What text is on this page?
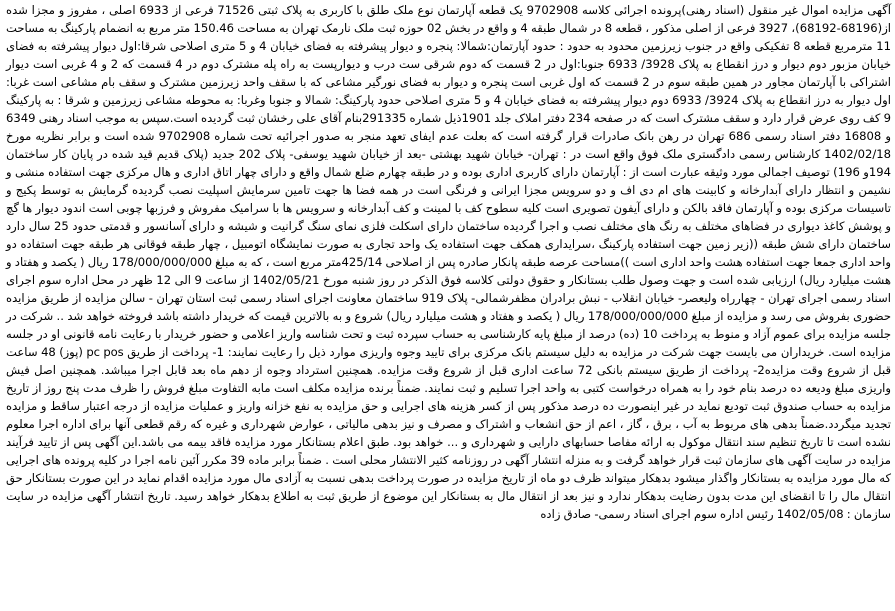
آگهی مزایده اموال غیر منقول (اسناد رهنی)پرونده اجرائی کلاسه 9702908 یک قطعه آپارتمان نوع ملک طلق با کاربری به پلاک ثبتی 71526 فرعی از 6933 اصلی ، مفروز و مجزا شده از(68196-68192)، 3927 فرعی از اصلی مذکور ، قطعه 8 در شمال طبقه 4 و واقع در بخش 02 حوزه ثبت ملک نارمک تهران به مساحت 150.46 متر مربع به انضمام پارکینگ به مساحت 11 مترمربع قطعه 8 تفکیکی واقع در جنوب زیرزمین محدود به حدود : حدود آپارتمان:شمالا: پنجره و دیوار پیشرفته به فضای خیابان 4 و 5 متری اصلاحی شرقا:اول دیوار پیشرفته به فضای خیابان مزبور دوم دیوار و درز انقطاع به پلاک 3928/ 6933 جنوبا:اول در 2 قسمت که دوم شرقی ست درب و دیوارپست به راه پله مشترک دوم در 4 قسمت که 2 و 4 غربی است دیوار اشتراکی با آپارتمان مجاور در همین طبقه سوم در 2 قسمت که اول غربی است پنجره و دیوار به فضای نورگیر مشاعی که با سقف واحد زیرزمین مشترک و سقف بام مشاعی است غربا: اول دیوار به درز انقطاع به پلاک 3924/ 6933 دوم دیوار پیشرفته به فضای خیابان 4 و 5 متری اصلاحی حدود پارکینگ: شمالا و جنوبا وغربا: به محوطه مشاعی زیرزمین و شرقا : به پارکینگ 9 کف روی عرض قرار دارد و سقف مشترک است که در صفحه 234 دفتر املاک جلد 1901ذیل شماره 291335بنام آقای علی رخشان ثبت گردیده است.سپس به موجب اسناد رهنی 6349 و 16808 دفتر اسناد رسمی 686 تهران در رهن بانک صادرات قرار گرفته است که بعلت عدم ایفای تعهد منجر به صدور اجرائیه تحت شماره 9702908 شده است و برابر نظریه مورخ 1402/02/18 کارشناس رسمی دادگستری ملک فوق واقع است در : تهران- خیابان شهید بهشتی -بعد از خیابان شهید یوسفی- پلاک 202 جدید (پلاک قدیم قید شده در پایان کار ساختمان 194و 196) توصیف اجمالی مورد وثیقه عبارت است از : آپارتمان دارای کاربری اداری بوده و در طبقه چهارم ضلع شمال واقع و دارای چهار اتاق اداری و هال مرکزی جهت استفاده منشی و نشیمن و انتظار دارای آبدارخانه و کابینت های ام دی اف و دو سرویس مجزا ایرانی و فرنگی است در همه فضا ها جهت تامین سرمایش اسپلیت نصب گردیده گرمایش به توسط پکیج و تاسیسات مرکزی بوده و آپارتمان فاقد بالکن و دارای آیفون تصویری است کلیه سطوح کف با لمینت و کف آبدارخانه و سرویس ها با سرامیک مفروش و فرزبها چوبی است اندود دیوار ها گچ و پوشش کاغذ دیواری در فضاهای مختلف به رنگ های مختلف نصب و اجرا گردیده ساختمان دارای اسکلت فلزی نمای سنگ گرانیت و شیشه و دارای آسانسور و قدمتی حدود 25 سال دارد ساختمان دارای شش طبقه ((زیر زمین جهت استفاده پارکینگ ،سرایداری همکف جهت استفاده یک واحد تجاری به صورت نمایشگاه اتومبیل ، چهار طبقه فوقانی هر طبقه جهت استفاده دو واحد اداری جمعا جهت استفاده هشت واحد اداری است ))مساحت عرصه طبقه پانکار صادره پس از اصلاحی 425/14متر مربع است ، که به مبلغ 178/000/000/000 ریال ( یکصد و هفتاد و هشت میلیارد ریال) ارزیابی شده است و جهت وصول طلب بستانکار و حقوق دولتی کلاسه فوق الذکر در روز شنبه مورخ 1402/05/21 از ساعت 9 الی 12 ظهر در محل اداره سوم اجرای اسناد رسمی اجرای تهران - چهارراه ولیعصر- خیابان انقلاب - نبش برادران مظفرشمالی- پلاک 919 ساختمان معاونت اجرای اسناد رسمی ثبت استان تهران - سالن مزایده از طریق مزایده حضوری بفروش می رسد و مزایده از مبلغ 178/000/000/000 ریال ( یکصد و هفتاد و هشت میلیارد ریال) شروع و به بالاترین قیمت که خریدار داشته باشد فروخته خواهد شد .. شرکت در جلسه مزایده برای عموم آزاد و منوط به پرداخت 10 (ده) درصد از مبلغ پایه کارشناسی به حساب سپرده ثبت و تحت شناسه واریز اعلامی و حضور خریدار با رعایت نامه قانونی او در جلسه مزایده است. خریداران می بایست جهت شرکت در مزایده به دلیل سیستم بانک مرکزی برای تایید وجوه واریزی موارد ذیل را رعایت نمایند: 1- پرداخت از طریق pc pos (پوز) 48 ساعت قبل از شروع وقت مزایده2- پرداخت از طریق سیستم بانکی 72 ساعت اداری قبل از شروع وقت مزایده. همچنین استرداد وجوه از دهم ماه بعد قابل اجرا میباشد. همچنین اصل فیش واریزی مبلغ ودیعه ده درصد بنام خود را به همراه درخواست کتبی به واحد اجرا تسلیم و ثبت نمایند. ضمناً برنده مزایده مکلف است مابه التفاوت مبلغ فروش را ظرف مدت پنج روز از تاریخ مزایده به حساب صندوق ثبت تودیع نماید در غیر اینصورت ده درصد مذکور پس از کسر هزینه های اجرایی و حق مزایده به نفع خزانه واریز و عملیات مزایده از درجه اعتبار ساقط و مزایده تجدید میگردد.ضمناً بدهی های مربوط به آب ، برق ، گاز ، اعم از حق انشعاب و اشتراک و مصرف و نیز بدهی مالیاتی ، عوارض شهرداری و غیره که رقم قطعی آنها برای اداره اجرا معلوم نشده است تا تاریخ تنظیم سند انتقال موکول به ارائه مفاصا حسابهای دارایی و شهرداری و ... خواهد بود. طبق اعلام بستانکار مورد مزایده فاقد بیمه می باشد.این آگهی پس از تایید فرآیند مزایده در سایت آگهی های سازمان ثبت قرار خواهد گرفت و به منزله انتشار آگهی در روزنامه کثیر الانتشار محلی است . ضمناً برابر ماده 39 مکرر آئین نامه اجرا در کلیه پرونده های اجرایی که مال مورد مزایده به بستانکار واگذار میشود بدهکار میتواند ظرف دو ماه از تاریخ مزایده در صورت پرداخت بدهی نسبت به آزادی مال مورد مزایده اقدام نماید در این صورت بستانکار حق انتقال مال را تا انقضای این مدت بدون رضایت بدهکار ندارد و نیز بعد از انتقال مال به بستانکار این موضوع از طریق ثبت به اطلاع بدهکار خواهد رسید. تاریخ انتشار آگهی مزایده در سایت سازمان : 1402/05/08 رئیس اداره سوم اجرای اسناد رسمی- صادق زاده
